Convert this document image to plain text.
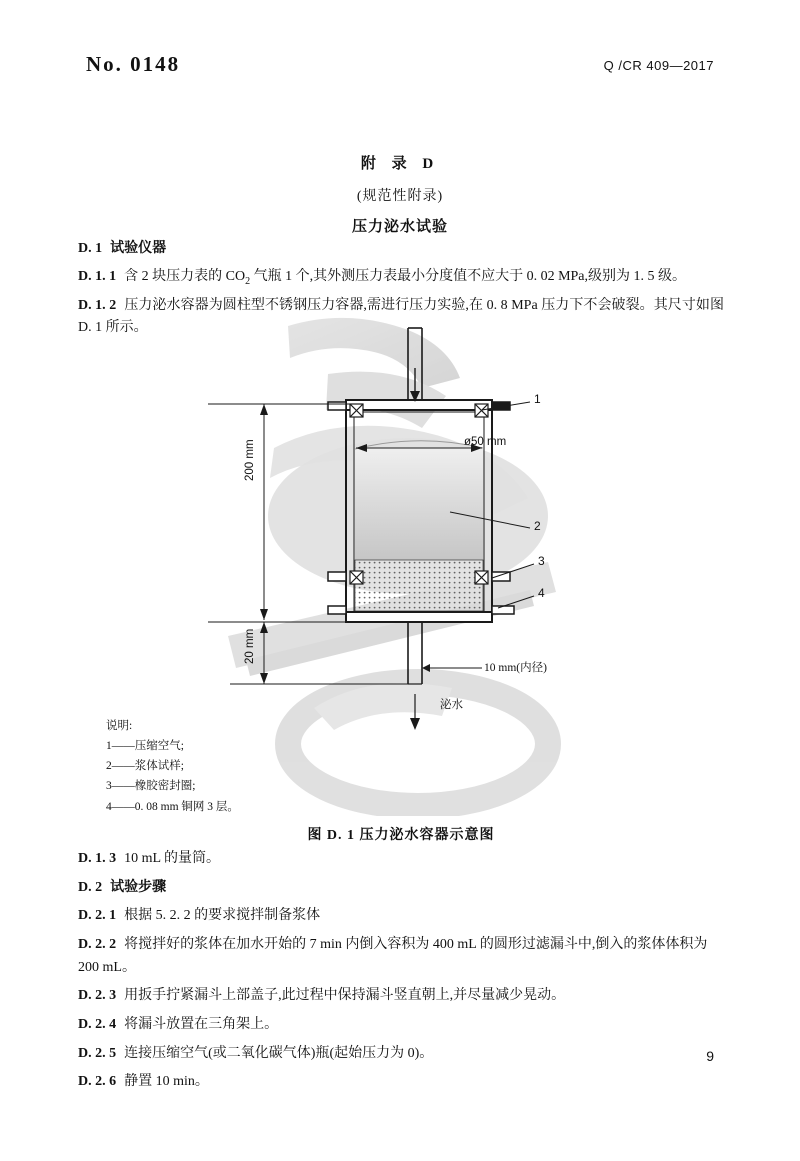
No. 0148	Q /CR 409—2017
附 录 D
(规范性附录)
压力泌水试验
D. 1 试验仪器
D. 1. 1 含 2 块压力表的 $CO_2$ 气瓶 1 个,其外测压力表最小分度值不应大于 0. 02 MPa,级别为 1. 5 级。
D. 1. 2 压力泌水容器为圆柱型不锈钢压力容器,需进行压力实验,在 0. 8 MPa 压力下不会破裂。其尺寸如图 D. 1 所示。
ø50 mm
200 mm
20 mm
10 mm(内径)
泌水
1
2
3
4
说明:
1——压缩空气;
2——浆体试样;
3——橡胶密封圈;
4——0. 08 mm 铜网 3 层。
图 D. 1 压力泌水容器示意图
D. 1. 3 10 mL 的量筒。
D. 2 试验步骤
D. 2. 1 根据 5. 2. 2 的要求搅拌制备浆体
D. 2. 2 将搅拌好的浆体在加水开始的 7 min 内倒入容积为 400 mL 的圆形过滤漏斗中,倒入的浆体体积为 200 mL。
D. 2. 3 用扳手拧紧漏斗上部盖子,此过程中保持漏斗竖直朝上,并尽量减少晃动。
D. 2. 4 将漏斗放置在三角架上。
D. 2. 5 连接压缩空气(或二氧化碳气体)瓶(起始压力为 0)。
D. 2. 6 静置 10 min。
9
